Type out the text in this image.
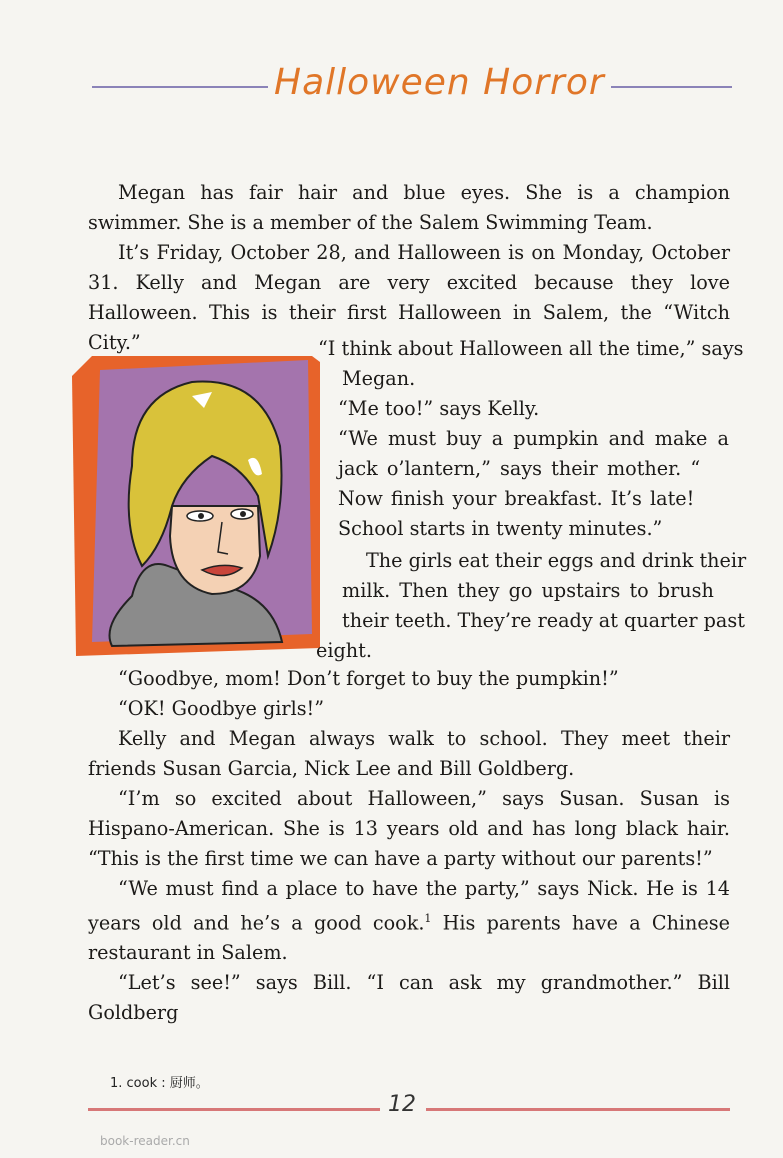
Halloween Horror

Megan has fair hair and blue eyes. She is a champion swimmer. She is a member of the Salem Swimming Team.

It’s Friday, October 28, and Halloween is on Monday, October 31. Kelly and Megan are very excited because they love Halloween. This is their first Halloween in Salem, the “Witch City.”	“I think about Halloween all the time,” says
Megan.
“Me too!” says Kelly.
“We must buy a pumpkin and make a
jack o’lantern,” says their mother. “
Now finish your breakfast. It’s late!
School starts in twenty minutes.”
The girls eat their eggs and drink their
milk. Then they go upstairs to brush
their teeth. They’re ready at quarter past
eight.

“Goodbye, mom! Don’t forget to buy the pumpkin!”

“OK! Goodbye girls!”

Kelly and Megan always walk to school. They meet their friends Susan Garcia, Nick Lee and Bill Goldberg.

“I’m so excited about Halloween,” says Susan. Susan is Hispano-American. She is 13 years old and has long black hair. “This is the first time we can have a party without our parents!”

“We must find a place to have the party,” says Nick. He is 14 years old and he’s a good cook.$^1$ His parents have a Chinese restaurant in Salem.

“Let’s see!” says Bill. “I can ask my grandmother.” Bill Goldberg

1. cook : 厨师。
12
book-reader.cn
